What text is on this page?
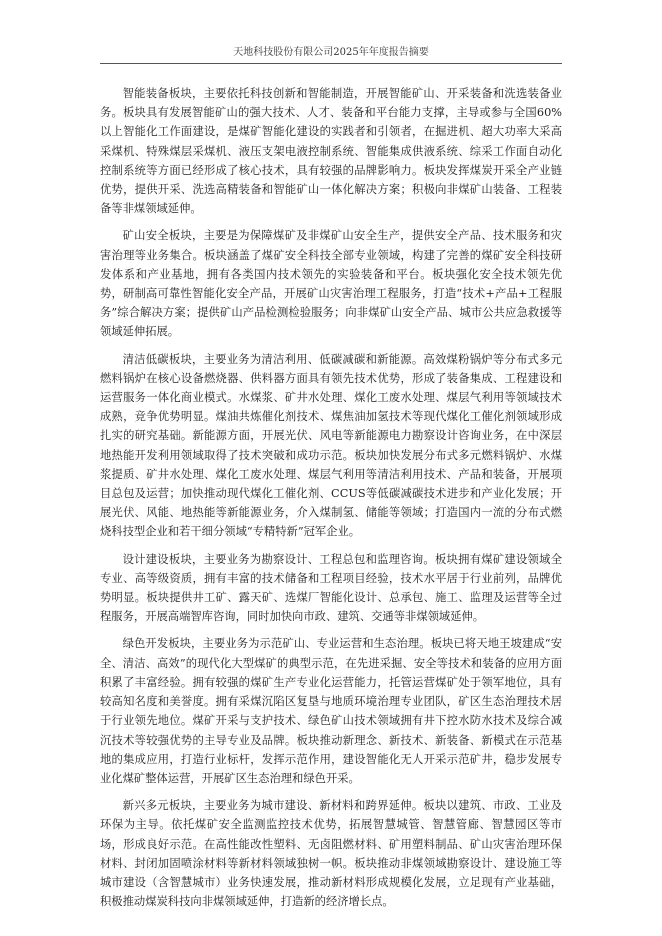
天地科技股份有限公司2025年年度报告摘要

智能装备板块，主要依托科技创新和智能制造，开展智能矿山、开采装备和洗选装备业务。板块具有发展智能矿山的强大技术、人才、装备和平台能力支撑，主导或参与全国60%以上智能化工作面建设，是煤矿智能化建设的实践者和引领者，在掘进机、超大功率大采高采煤机、特殊煤层采煤机、液压支架电液控制系统、智能集成供液系统、综采工作面自动化控制系统等方面已经形成了核心技术，具有较强的品牌影响力。板块发挥煤炭开采全产业链优势，提供开采、洗选高精装备和智能矿山一体化解决方案；积极向非煤矿山装备、工程装备等非煤领域延伸。

矿山安全板块，主要是为保障煤矿及非煤矿山安全生产，提供安全产品、技术服务和灾害治理等业务集合。板块涵盖了煤矿安全科技全部专业领域，构建了完善的煤矿安全科技研发体系和产业基地，拥有各类国内技术领先的实验装备和平台。板块强化安全技术领先优势，研制高可靠性智能化安全产品，开展矿山灾害治理工程服务，打造“技术+产品+工程服务”综合解决方案；提供矿山产品检测检验服务；向非煤矿山安全产品、城市公共应急救援等领域延伸拓展。

清洁低碳板块，主要业务为清洁利用、低碳减碳和新能源。高效煤粉锅炉等分布式多元燃料锅炉在核心设备燃烧器、供料器方面具有领先技术优势，形成了装备集成、工程建设和运营服务一体化商业模式。水煤浆、矿井水处理、煤化工废水处理、煤层气利用等领域技术成熟，竞争优势明显。煤油共炼催化剂技术、煤焦油加氢技术等现代煤化工催化剂领域形成扎实的研究基础。新能源方面，开展光伏、风电等新能源电力勘察设计咨询业务，在中深层地热能开发利用领域取得了技术突破和成功示范。板块加快发展分布式多元燃料锅炉、水煤浆提质、矿井水处理、煤化工废水处理、煤层气利用等清洁利用技术、产品和装备，开展项目总包及运营；加快推动现代煤化工催化剂、CCUS等低碳减碳技术进步和产业化发展；开展光伏、风能、地热能等新能源业务，介入煤制氢、储能等领域；打造国内一流的分布式燃烧科技型企业和若干细分领域“专精特新”冠军企业。

设计建设板块，主要业务为勘察设计、工程总包和监理咨询。板块拥有煤矿建设领域全专业、高等级资质，拥有丰富的技术储备和工程项目经验，技术水平居于行业前列，品牌优势明显。板块提供井工矿、露天矿、选煤厂智能化设计、总承包、施工、监理及运营等全过程服务，开展高端智库咨询，同时加快向市政、建筑、交通等非煤领域延伸。

绿色开发板块，主要业务为示范矿山、专业运营和生态治理。板块已将天地王坡建成“安全、清洁、高效”的现代化大型煤矿的典型示范，在先进采掘、安全等技术和装备的应用方面积累了丰富经验。拥有较强的煤矿生产专业化运营能力，托管运营煤矿处于领军地位，具有较高知名度和美誉度。拥有采煤沉陷区复垦与地质环境治理专业团队，矿区生态治理技术居于行业领先地位。煤矿开采与支护技术、绿色矿山技术领域拥有井下控水防水技术及综合减沉技术等较强优势的主导专业及品牌。板块推动新理念、新技术、新装备、新模式在示范基地的集成应用，打造行业标杆，发挥示范作用，建设智能化无人开采示范矿井，稳步发展专业化煤矿整体运营，开展矿区生态治理和绿色开采。

新兴多元板块，主要业务为城市建设、新材料和跨界延伸。板块以建筑、市政、工业及环保为主导。依托煤矿安全监测监控技术优势，拓展智慧城管、智慧管廊、智慧园区等市场，形成良好示范。在高性能改性塑料、无卤阻燃材料、矿用塑料制品、矿山灾害治理环保材料、封闭加固喷涂材料等新材料领域独树一帜。板块推动非煤领域勘察设计、建设施工等城市建设（含智慧城市）业务快速发展，推动新材料形成规模化发展，立足现有产业基础，积极推动煤炭科技向非煤领域延伸，打造新的经济增长点。
